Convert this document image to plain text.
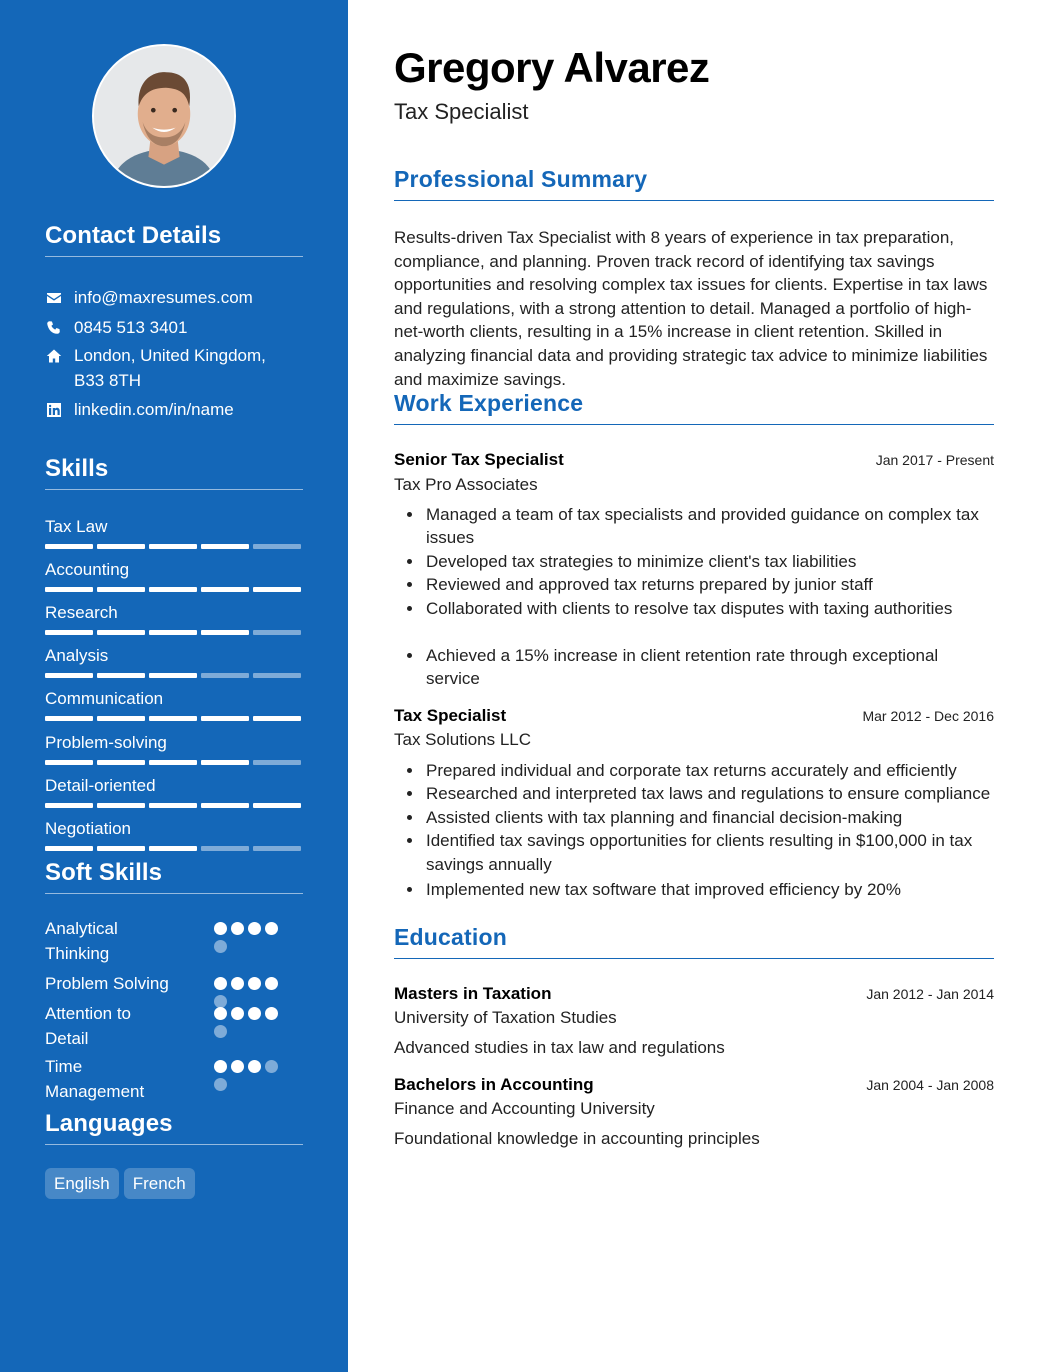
Contact Details
info@maxresumes.com
0845 513 3401
London, United Kingdom,
B33 8TH
linkedin.com/in/name
Skills
Tax Law
Accounting
Research
Analysis
Communication
Problem-solving
Detail-oriented
Negotiation
Soft Skills
Analytical
Thinking
Problem Solving
Attention to
Detail
Time
Management
Languages
English	French
Gregory Alvarez
Tax Specialist
Professional Summary

Results-driven Tax Specialist with 8 years of experience in tax preparation, compliance, and planning. Proven track record of identifying tax savings opportunities and resolving complex tax issues for clients. Expertise in tax laws and regulations, with a strong attention to detail. Managed a portfolio of high-net-worth clients, resulting in a 15% increase in client retention. Skilled in analyzing financial data and providing strategic tax advice to minimize liabilities and maximize savings.

Work Experience
Senior Tax Specialist	Jan 2017 - Present
Tax Pro Associates
Managed a team of tax specialists and provided guidance on complex tax issues
Developed tax strategies to minimize client's tax liabilities
Reviewed and approved tax returns prepared by junior staff
Collaborated with clients to resolve tax disputes with taxing authorities
Achieved a 15% increase in client retention rate through exceptional service
Tax Specialist	Mar 2012 - Dec 2016
Tax Solutions LLC
Prepared individual and corporate tax returns accurately and efficiently
Researched and interpreted tax laws and regulations to ensure compliance
Assisted clients with tax planning and financial decision-making
Identified tax savings opportunities for clients resulting in $100,000 in tax savings annually
Implemented new tax software that improved efficiency by 20%
Education
Masters in Taxation	Jan 2012 - Jan 2014
University of Taxation Studies
Advanced studies in tax law and regulations
Bachelors in Accounting	Jan 2004 - Jan 2008
Finance and Accounting University
Foundational knowledge in accounting principles
